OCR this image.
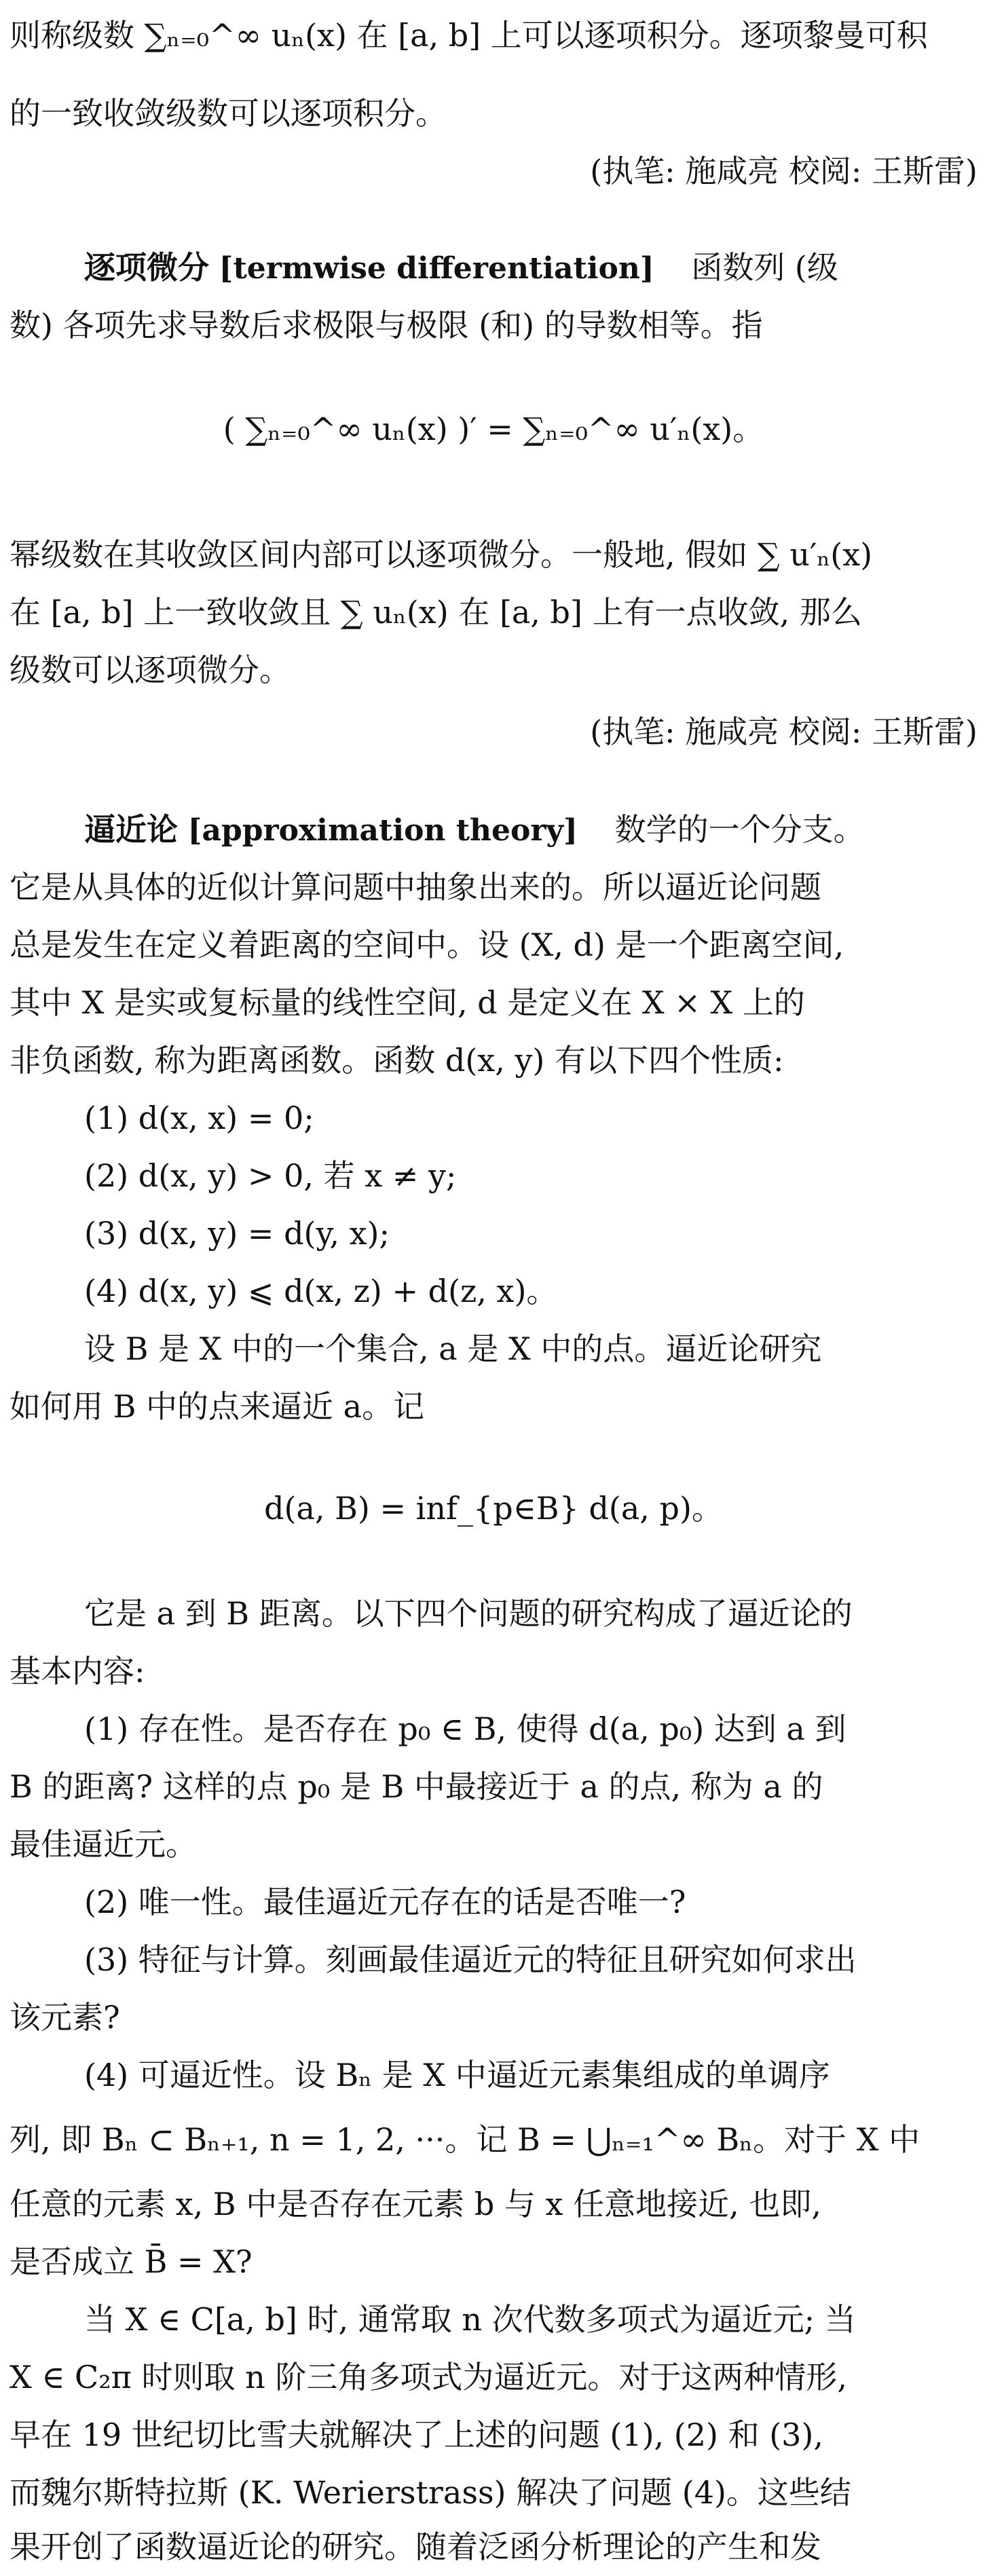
则称级数 ∑ₙ₌₀^∞ uₙ(x) 在 [a, b] 上可以逐项积分。逐项黎曼可积
的一致收敛级数可以逐项积分。
(执笔: 施咸亮 校阅: 王斯雷)
逐项微分 [termwise differentiation] 函数列 (级
数) 各项先求导数后求极限与极限 (和) 的导数相等。指
( ∑ₙ₌₀^∞ uₙ(x) )′ = ∑ₙ₌₀^∞ u′ₙ(x)。
幂级数在其收敛区间内部可以逐项微分。一般地, 假如 ∑ u′ₙ(x)
在 [a, b] 上一致收敛且 ∑ uₙ(x) 在 [a, b] 上有一点收敛, 那么
级数可以逐项微分。
(执笔: 施咸亮 校阅: 王斯雷)
逼近论 [approximation theory] 数学的一个分支。
它是从具体的近似计算问题中抽象出来的。所以逼近论问题
总是发生在定义着距离的空间中。设 (X, d) 是一个距离空间,
其中 X 是实或复标量的线性空间, d 是定义在 X × X 上的
非负函数, 称为距离函数。函数 d(x, y) 有以下四个性质:
(1) d(x, x) = 0;
(2) d(x, y) > 0, 若 x ≠ y;
(3) d(x, y) = d(y, x);
(4) d(x, y) ⩽ d(x, z) + d(z, x)。
设 B 是 X 中的一个集合, a 是 X 中的点。逼近论研究
如何用 B 中的点来逼近 a。记
d(a, B) = inf_{p∈B} d(a, p)。
它是 a 到 B 距离。以下四个问题的研究构成了逼近论的
基本内容:
(1) 存在性。是否存在 p₀ ∈ B, 使得 d(a, p₀) 达到 a 到
B 的距离? 这样的点 p₀ 是 B 中最接近于 a 的点, 称为 a 的
最佳逼近元。
(2) 唯一性。最佳逼近元存在的话是否唯一?
(3) 特征与计算。刻画最佳逼近元的特征且研究如何求出
该元素?
(4) 可逼近性。设 Bₙ 是 X 中逼近元素集组成的单调序
列, 即 Bₙ ⊂ Bₙ₊₁, n = 1, 2, ···。记 B = ⋃ₙ₌₁^∞ Bₙ。对于 X 中
任意的元素 x, B 中是否存在元素 b 与 x 任意地接近, 也即,
是否成立 B̄ = X?
当 X ∈ C[a, b] 时, 通常取 n 次代数多项式为逼近元; 当
X ∈ C₂π 时则取 n 阶三角多项式为逼近元。对于这两种情形,
早在 19 世纪切比雪夫就解决了上述的问题 (1), (2) 和 (3),
而魏尔斯特拉斯 (K. Werierstrass) 解决了问题 (4)。这些结
果开创了函数逼近论的研究。随着泛函分析理论的产生和发
